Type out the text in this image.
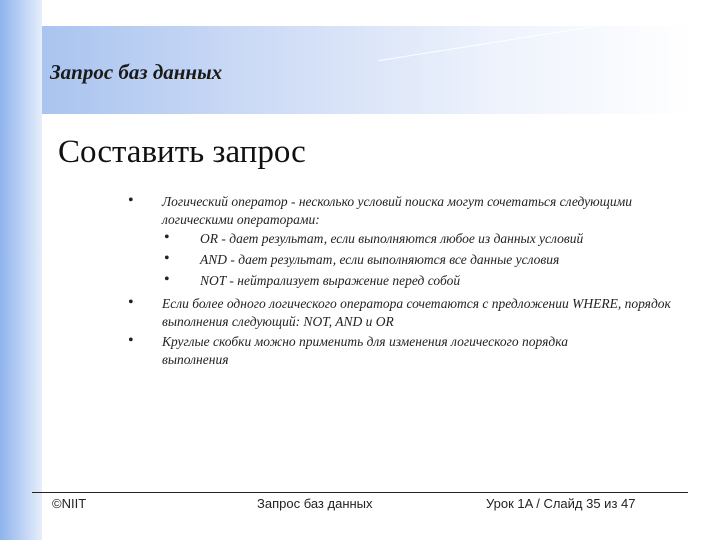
Запрос баз данных
Составить запрос
• Логический оператор - несколько условий поиска могут сочетаться следующими логическими операторами:
• OR - дает результат, если выполняются любое из данных условий
• AND - дает результат, если выполняются все данные условия
• NOT - нейтрализует выражение перед собой
• Если более одного логического оператора сочетаются с предложении WHERE, порядок выполнения следующий: NOT, AND и OR
• Круглые скобки можно применить для изменения логического порядка выполнения
©NIIT	Запрос баз данных	Урок 1A / Слайд 35 из 47
